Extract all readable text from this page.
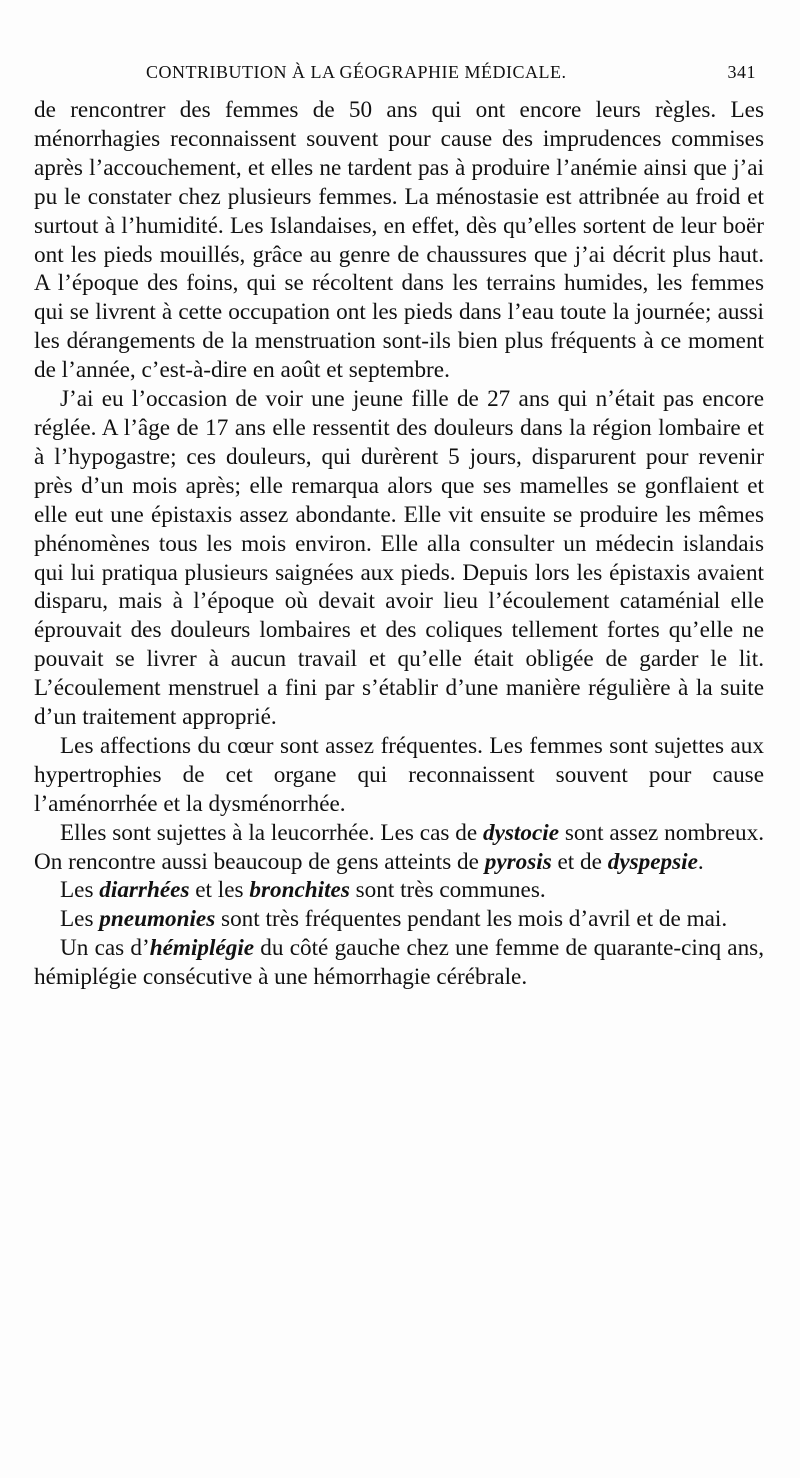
CONTRIBUTION À LA GÉOGRAPHIE MÉDICALE.	341

de rencontrer des femmes de 50 ans qui ont encore leurs règles. Les ménorrhagies reconnaissent souvent pour cause des imprudences commises après l’accouchement, et elles ne tardent pas à produire l’anémie ainsi que j’ai pu le constater chez plusieurs femmes. La ménostasie est attribnée au froid et surtout à l’humidité. Les Islandaises, en effet, dès qu’elles sortent de leur boër ont les pieds mouillés, grâce au genre de chaussures que j’ai décrit plus haut. A l’époque des foins, qui se récoltent dans les terrains humides, les femmes qui se livrent à cette occupation ont les pieds dans l’eau toute la journée; aussi les dérangements de la menstruation sont-ils bien plus fréquents à ce moment de l’année, c’est-à-dire en août et septembre.

J’ai eu l’occasion de voir une jeune fille de 27 ans qui n’était pas encore réglée. A l’âge de 17 ans elle ressentit des douleurs dans la région lombaire et à l’hypogastre; ces douleurs, qui durèrent 5 jours, disparurent pour revenir près d’un mois après; elle remarqua alors que ses mamelles se gonflaient et elle eut une épistaxis assez abondante. Elle vit ensuite se produire les mêmes phénomènes tous les mois environ. Elle alla consulter un médecin islandais qui lui pratiqua plusieurs saignées aux pieds. Depuis lors les épistaxis avaient disparu, mais à l’époque où devait avoir lieu l’écoulement cataménial elle éprouvait des douleurs lombaires et des coliques tellement fortes qu’elle ne pouvait se livrer à aucun travail et qu’elle était obligée de garder le lit. L’écoulement menstruel a fini par s’établir d’une manière régulière à la suite d’un traitement approprié.

Les affections du cœur sont assez fréquentes. Les femmes sont sujettes aux hypertrophies de cet organe qui reconnaissent souvent pour cause l’aménorrhée et la dysménorrhée.

Elles sont sujettes à la leucorrhée. Les cas de dystocie sont assez nombreux. On rencontre aussi beaucoup de gens atteints de pyrosis et de dyspepsie.

Les diarrhées et les bronchites sont très communes.

Les pneumonies sont très fréquentes pendant les mois d’avril et de mai.

Un cas d’hémiplégie du côté gauche chez une femme de quarante-cinq ans, hémiplégie consécutive à une hémorrhagie cérébrale.
